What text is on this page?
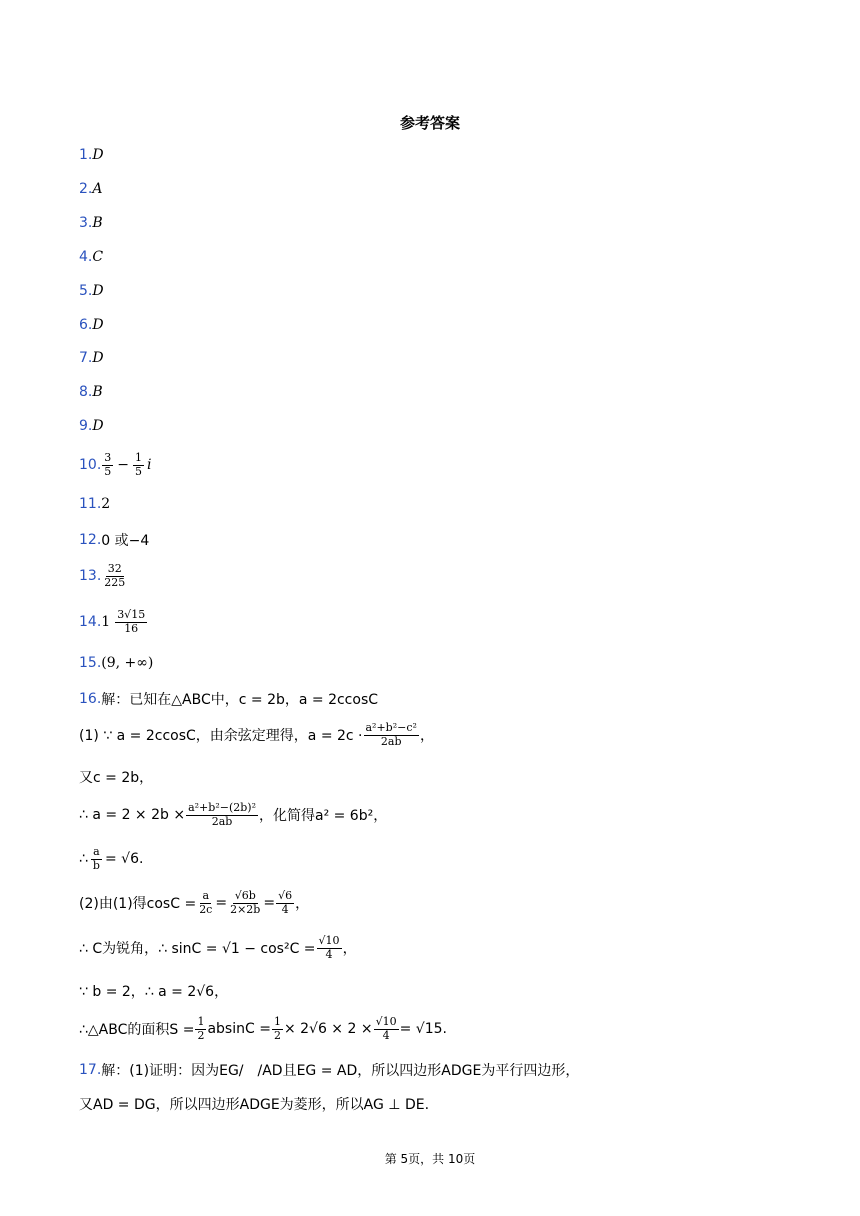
参考答案
1. D
2. A
3. B
4. C
5. D
6. D
7. D
8. B
9. D
10. $\frac{3}{5} - \frac{1}{5}$ i
11. 2
12. 0 或−4
13. $\frac{32}{225}$
14. $1 \frac{3√15}{16}$
15. (9, +∞)
16. 解：已知在△ABC中，c = 2b，a = 2ccosC
(1) ∵ a = 2ccosC，由余弦定理得，$a = 2c \cdot \frac{\text{a²+b²−c²}}{2ab}$ ，
又c = 2b，
∴ $a = 2 \times 2b \times \frac{\text{a²+b²−(2b)²}}{2ab}$ ，化简得a² = 6b²，
∴ $\frac{a}{b} = √6$.
(2)由(1)得$\cos C = \frac{a}{2c} = \frac{√6b}{2\times 2b} = \frac{√6}{4}$ ，
∴ C为锐角，∴ $\sin C = √1 - \cos^2C = \frac{√10}{4}$ ，
∵ b = 2，∴ a = 2√6，
∴△ABC的面积$S = \frac{1}{2}$ $absinC = \frac{1}{2} \times 2√6 \times 2 \times \frac{√10}{4} = √15$.
17. 解：(1)证明：因为EG/　/AD且EG = AD，所以四边形ADGE为平行四边形，
又AD = DG，所以四边形ADGE为菱形，所以AG ⊥ DE.
第 5页，共 10页
